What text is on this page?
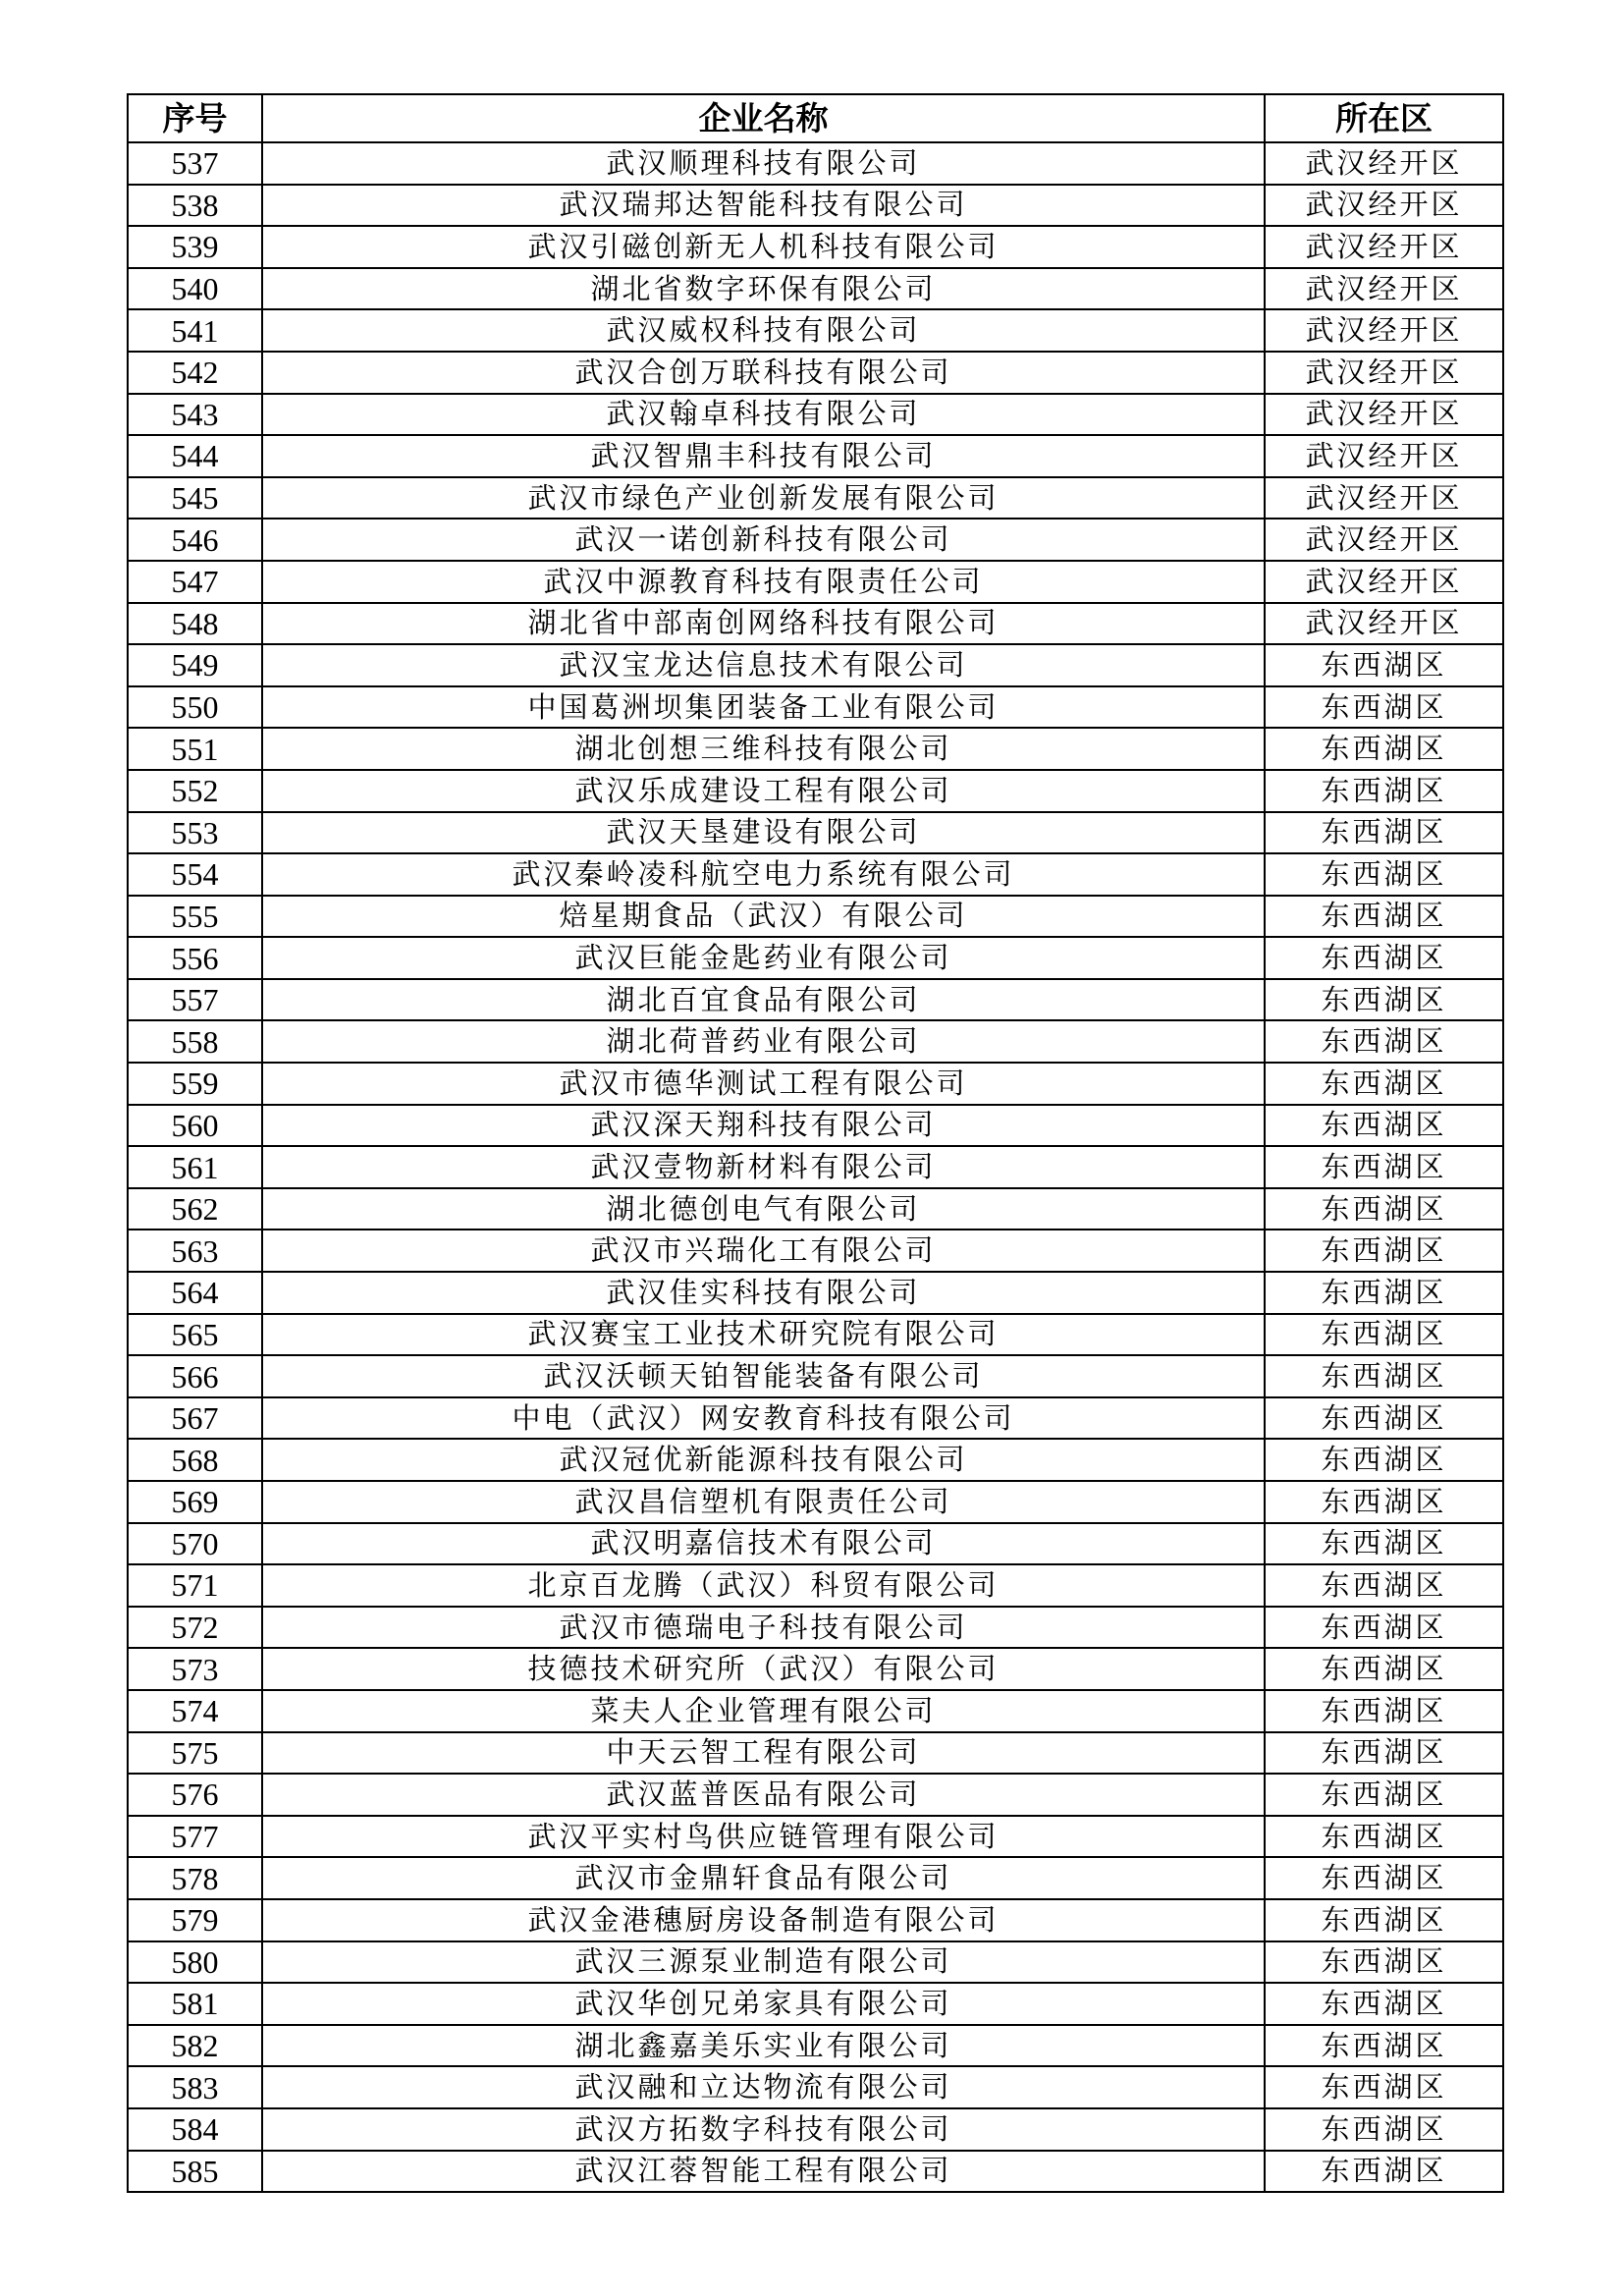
序号	企业名称	所在区
537	武汉顺理科技有限公司	武汉经开区
538	武汉瑞邦达智能科技有限公司	武汉经开区
539	武汉引磁创新无人机科技有限公司	武汉经开区
540	湖北省数字环保有限公司	武汉经开区
541	武汉威权科技有限公司	武汉经开区
542	武汉合创万联科技有限公司	武汉经开区
543	武汉翰卓科技有限公司	武汉经开区
544	武汉智鼎丰科技有限公司	武汉经开区
545	武汉市绿色产业创新发展有限公司	武汉经开区
546	武汉一诺创新科技有限公司	武汉经开区
547	武汉中源教育科技有限责任公司	武汉经开区
548	湖北省中部南创网络科技有限公司	武汉经开区
549	武汉宝龙达信息技术有限公司	东西湖区
550	中国葛洲坝集团装备工业有限公司	东西湖区
551	湖北创想三维科技有限公司	东西湖区
552	武汉乐成建设工程有限公司	东西湖区
553	武汉天垦建设有限公司	东西湖区
554	武汉秦岭凌科航空电力系统有限公司	东西湖区
555	焙星期食品（武汉）有限公司	东西湖区
556	武汉巨能金匙药业有限公司	东西湖区
557	湖北百宜食品有限公司	东西湖区
558	湖北荷普药业有限公司	东西湖区
559	武汉市德华测试工程有限公司	东西湖区
560	武汉深天翔科技有限公司	东西湖区
561	武汉壹物新材料有限公司	东西湖区
562	湖北德创电气有限公司	东西湖区
563	武汉市兴瑞化工有限公司	东西湖区
564	武汉佳实科技有限公司	东西湖区
565	武汉赛宝工业技术研究院有限公司	东西湖区
566	武汉沃顿天铂智能装备有限公司	东西湖区
567	中电（武汉）网安教育科技有限公司	东西湖区
568	武汉冠优新能源科技有限公司	东西湖区
569	武汉昌信塑机有限责任公司	东西湖区
570	武汉明嘉信技术有限公司	东西湖区
571	北京百龙腾（武汉）科贸有限公司	东西湖区
572	武汉市德瑞电子科技有限公司	东西湖区
573	技德技术研究所（武汉）有限公司	东西湖区
574	菜夫人企业管理有限公司	东西湖区
575	中天云智工程有限公司	东西湖区
576	武汉蓝普医品有限公司	东西湖区
577	武汉平实村鸟供应链管理有限公司	东西湖区
578	武汉市金鼎轩食品有限公司	东西湖区
579	武汉金港穗厨房设备制造有限公司	东西湖区
580	武汉三源泵业制造有限公司	东西湖区
581	武汉华创兄弟家具有限公司	东西湖区
582	湖北鑫嘉美乐实业有限公司	东西湖区
583	武汉融和立达物流有限公司	东西湖区
584	武汉方拓数字科技有限公司	东西湖区
585	武汉江蓉智能工程有限公司	东西湖区
